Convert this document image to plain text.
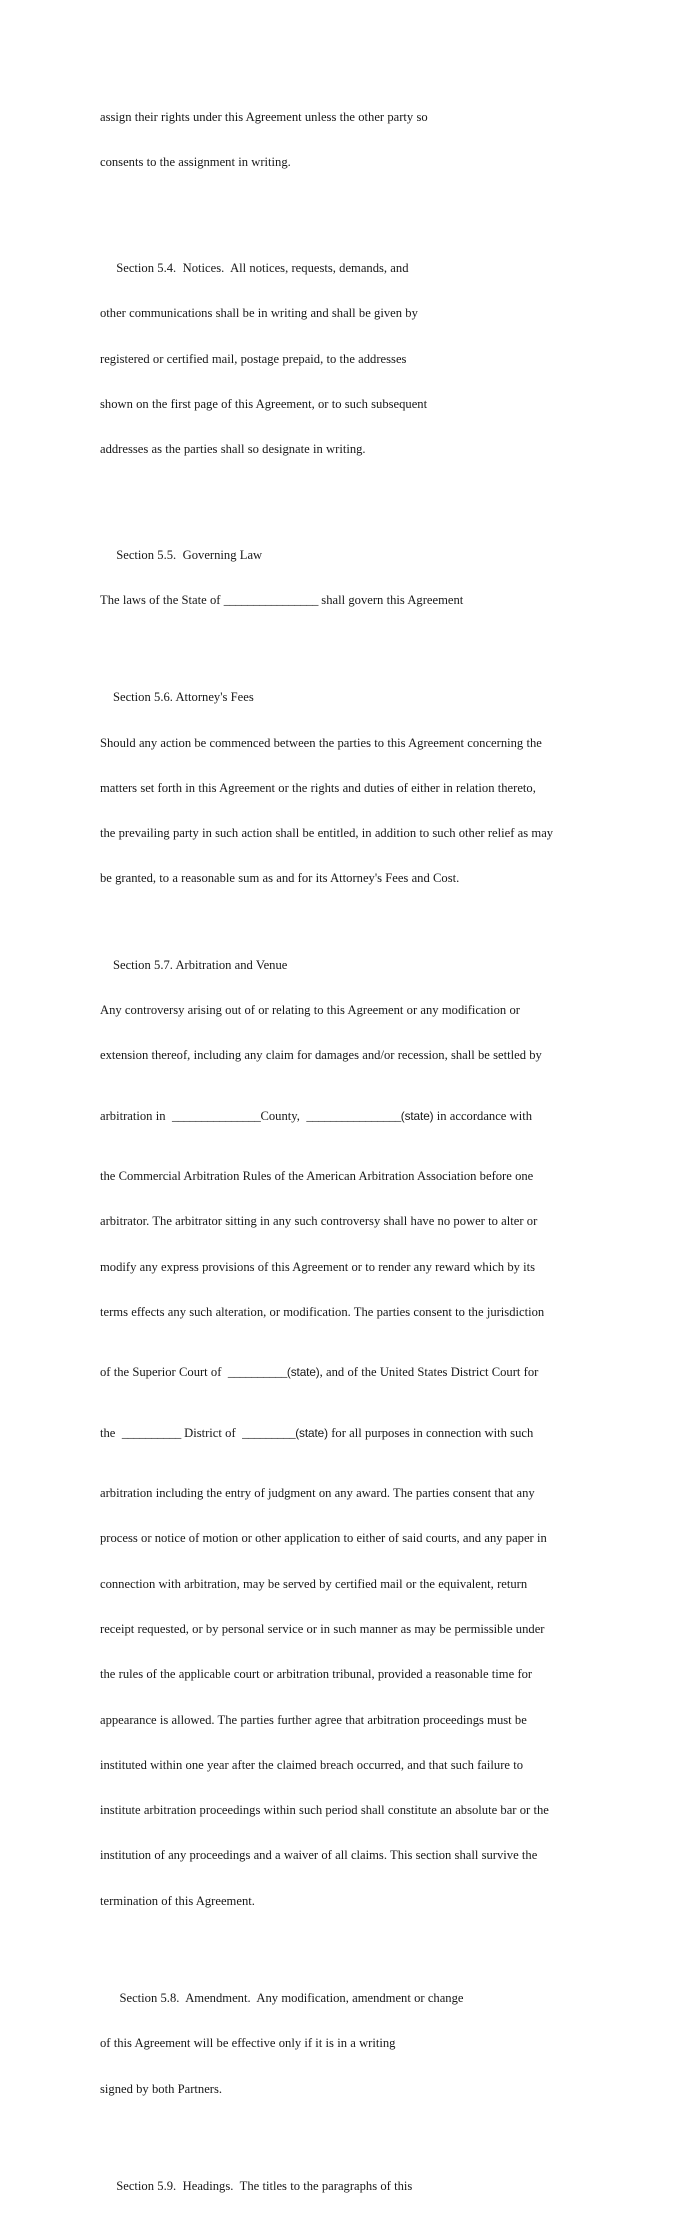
assign their rights under this Agreement unless the other party so

consents to the assignment in writing.

Section 5.4.  Notices.  All notices, requests, demands, and

other communications shall be in writing and shall be given by

registered or certified mail, postage prepaid, to the addresses

shown on the first page of this Agreement, or to such subsequent

addresses as the parties shall so designate in writing.

Section 5.5.  Governing Law

The laws of the State of ________________ shall govern this Agreement

Section 5.6. Attorney's Fees

Should any action be commenced between the parties to this Agreement concerning the

matters set forth in this Agreement or the rights and duties of either in relation thereto,

the prevailing party in such action shall be entitled, in addition to such other relief as may

be granted, to a reasonable sum as and for its Attorney's Fees and Cost.

Section 5.7. Arbitration and Venue

Any controversy arising out of or relating to this Agreement or any modification or

extension thereof, including any claim for damages and/or recession, shall be settled by

arbitration in  _______________County,  ________________(state) in accordance with

the Commercial Arbitration Rules of the American Arbitration Association before one

arbitrator. The arbitrator sitting in any such controversy shall have no power to alter or

modify any express provisions of this Agreement or to render any reward which by its

terms effects any such alteration, or modification. The parties consent to the jurisdiction

of the Superior Court of  __________(state), and of the United States District Court for

the  __________ District of  _________(state) for all purposes in connection with such

arbitration including the entry of judgment on any award. The parties consent that any

process or notice of motion or other application to either of said courts, and any paper in

connection with arbitration, may be served by certified mail or the equivalent, return

receipt requested, or by personal service or in such manner as may be permissible under

the rules of the applicable court or arbitration tribunal, provided a reasonable time for

appearance is allowed. The parties further agree that arbitration proceedings must be

instituted within one year after the claimed breach occurred, and that such failure to

institute arbitration proceedings within such period shall constitute an absolute bar or the

institution of any proceedings and a waiver of all claims. This section shall survive the

termination of this Agreement.

Section 5.8.  Amendment.  Any modification, amendment or change

of this Agreement will be effective only if it is in a writing

signed by both Partners.

Section 5.9.  Headings.  The titles to the paragraphs of this
